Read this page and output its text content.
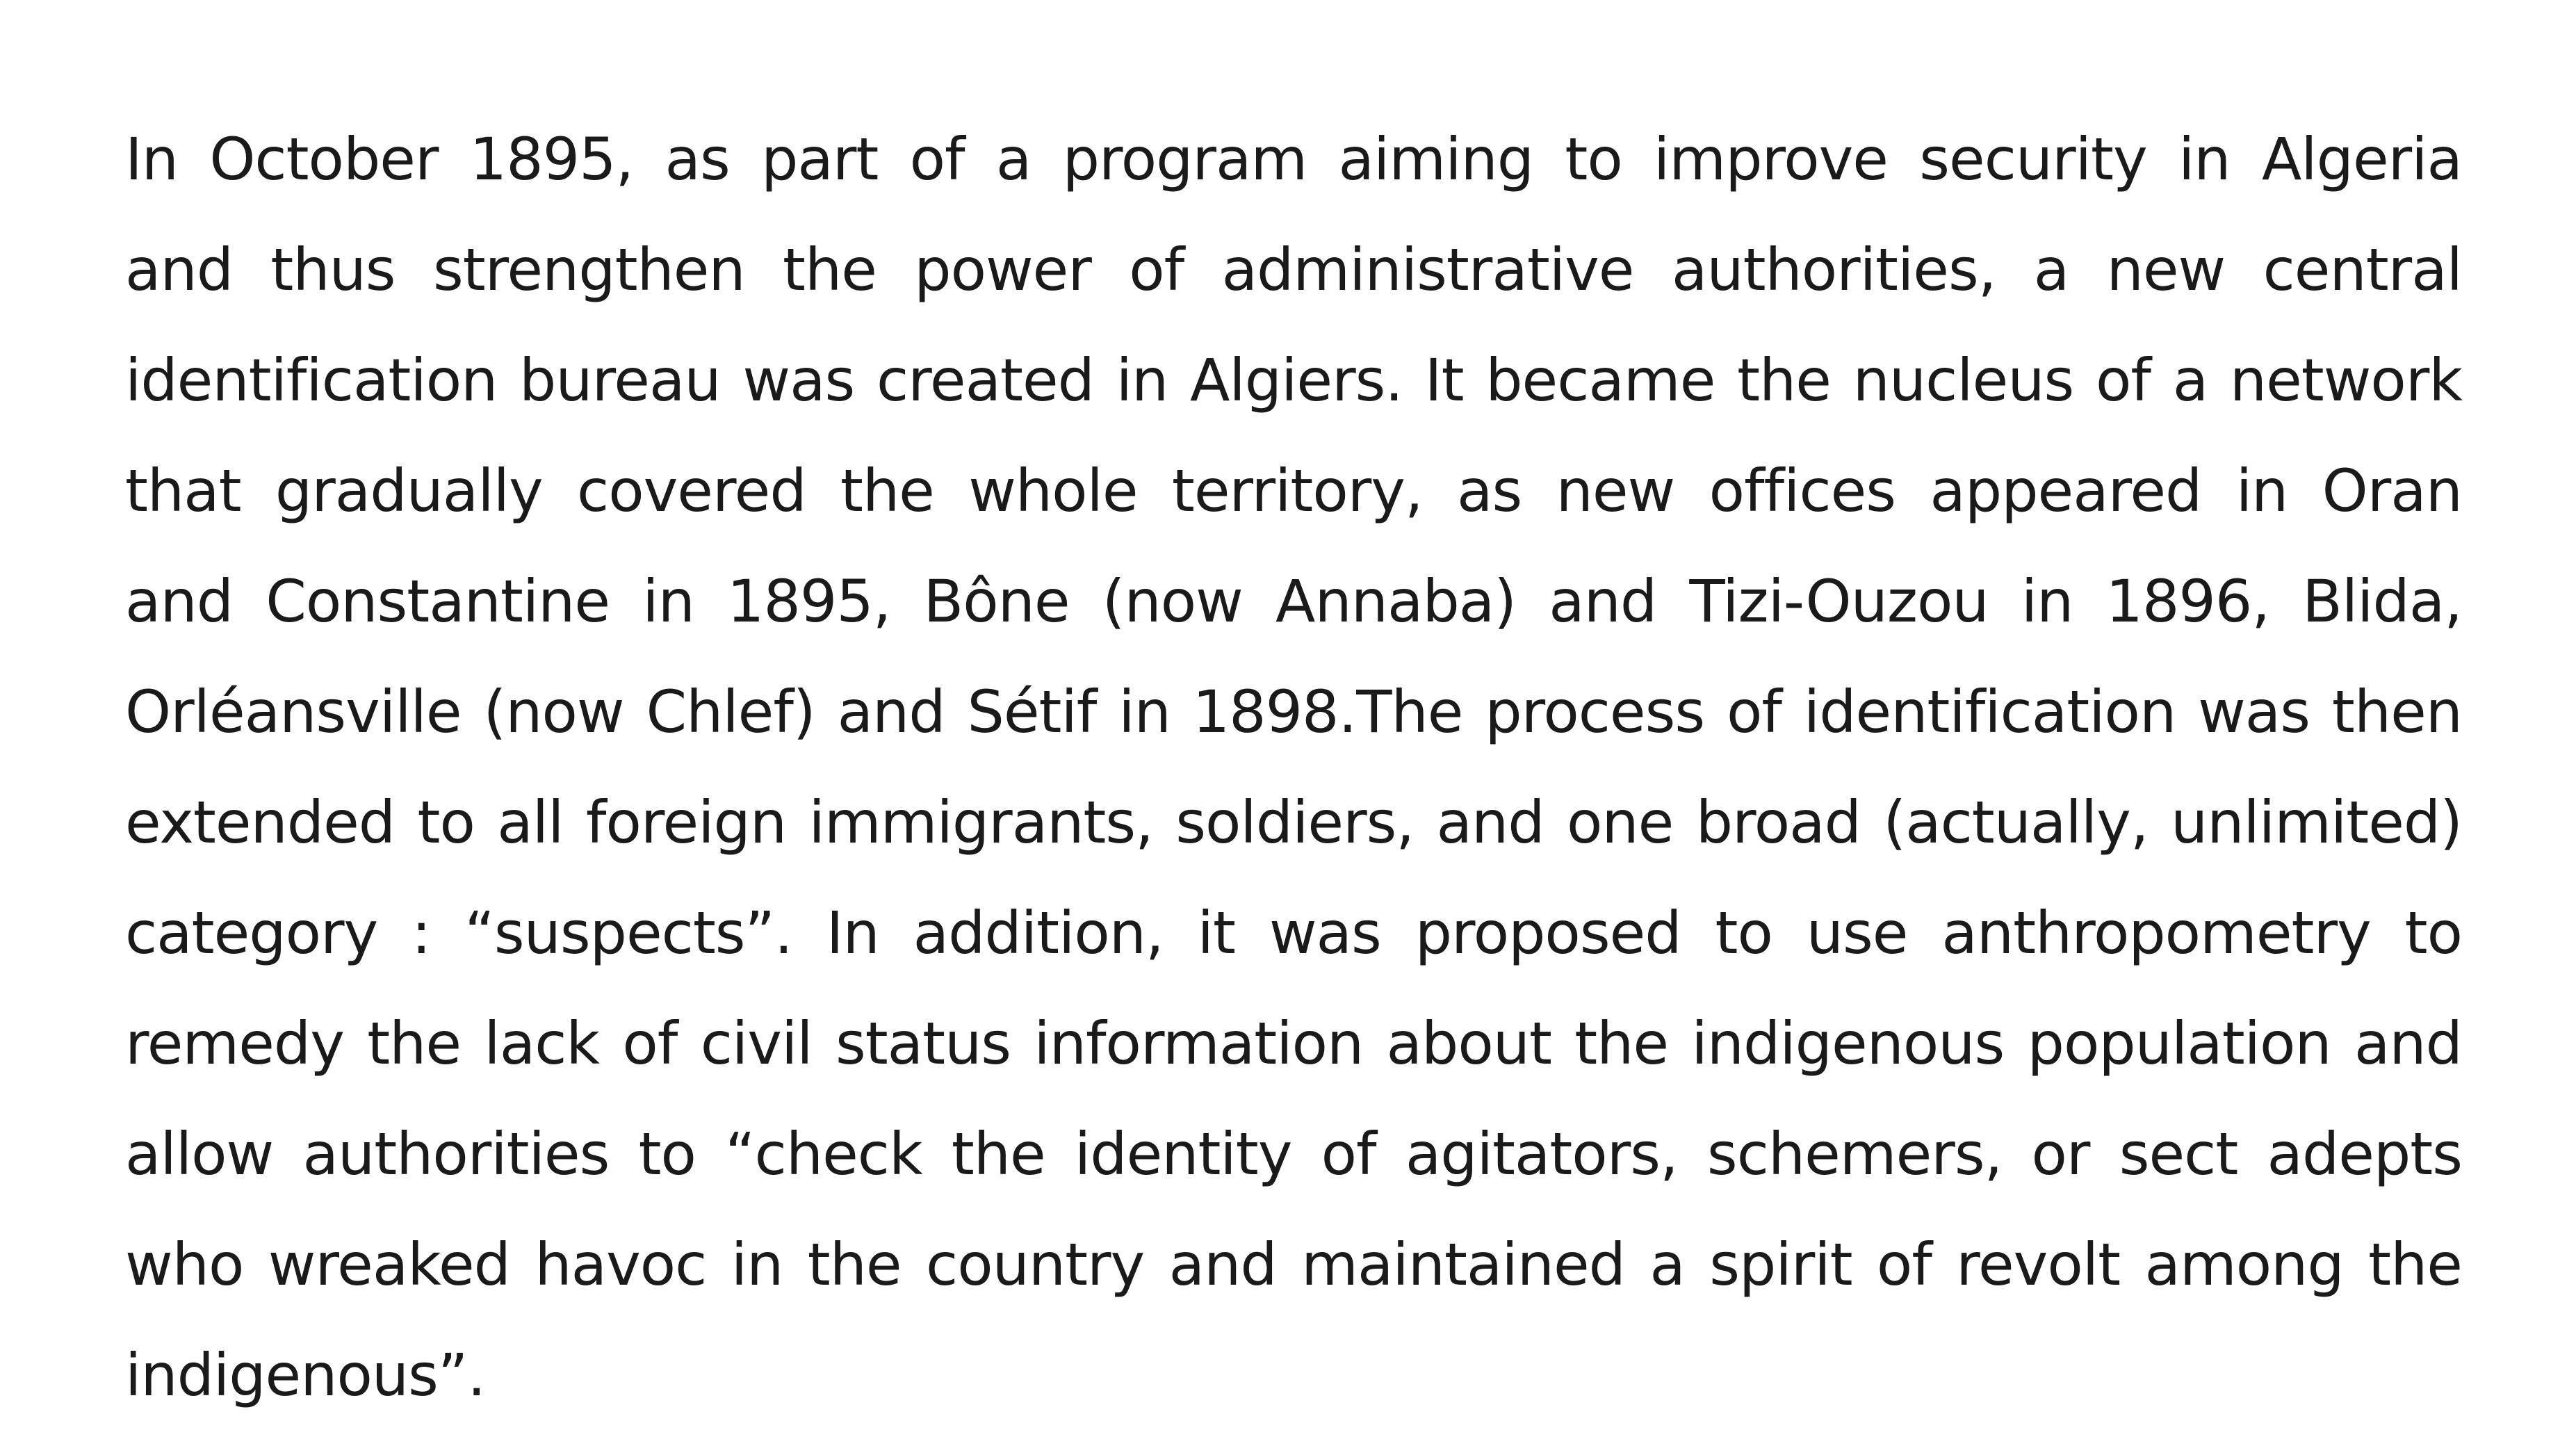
In October 1895, as part of a program aiming to improve security in Algeria
and thus strengthen the power of administrative authorities, a new central
identification bureau was created in Algiers. It became the nucleus of a network
that gradually covered the whole territory, as new offices appeared in Oran
and Constantine in 1895, Bône (now Annaba) and Tizi-Ouzou in 1896, Blida,
Orléansville (now Chlef) and Sétif in 1898.The process of identification was then
extended to all foreign immigrants, soldiers, and one broad (actually, unlimited)
category : “suspects”. In addition, it was proposed to use anthropometry to
remedy the lack of civil status information about the indigenous population and
allow authorities to “check the identity of agitators, schemers, or sect adepts
who wreaked havoc in the country and maintained a spirit of revolt among the
indigenous”.
